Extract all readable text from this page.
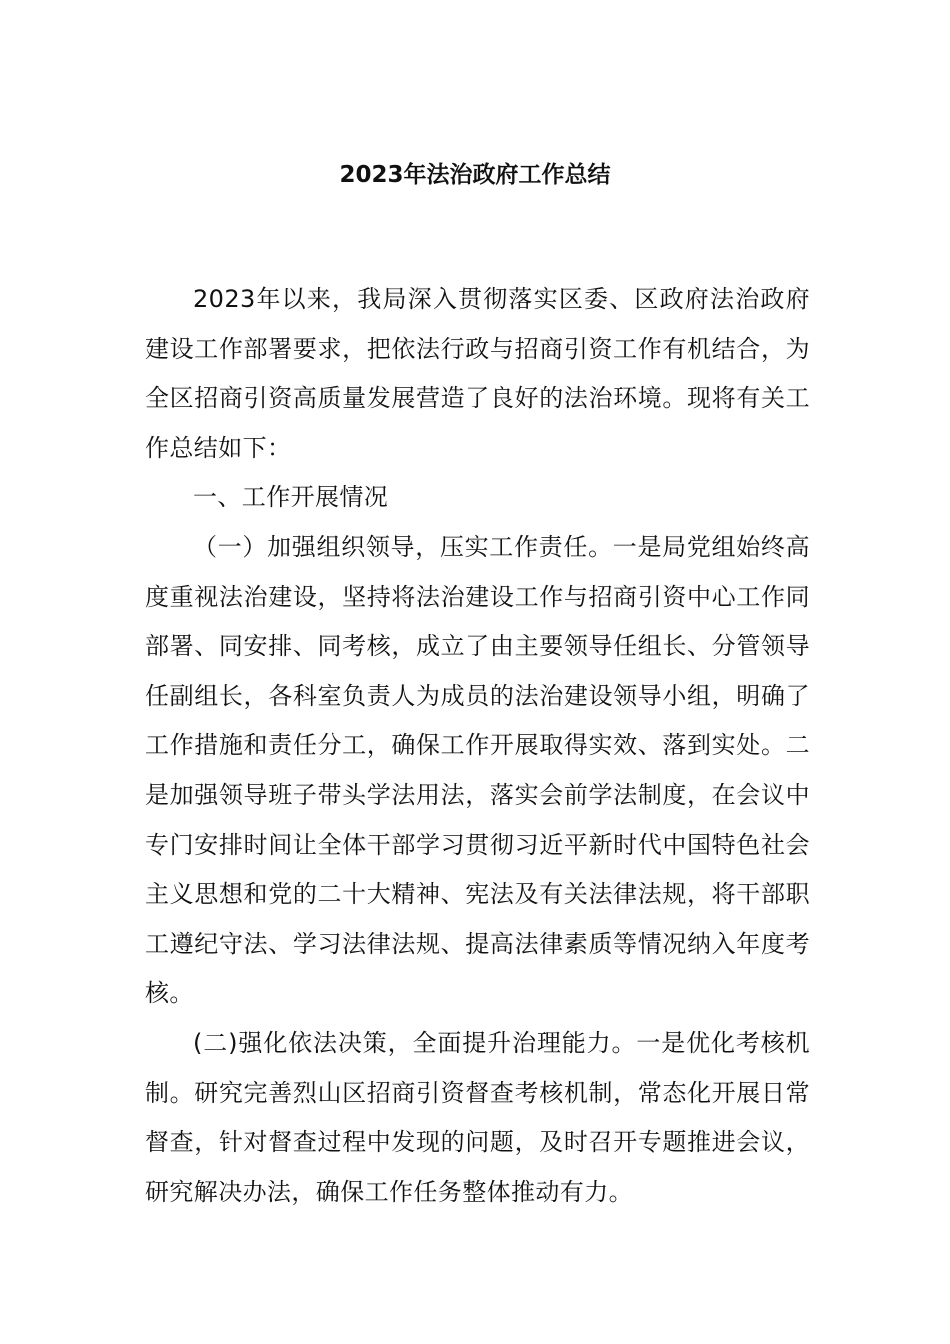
2023年法治政府工作总结

2023年以来，我局深入贯彻落实区委、区政府法治政府建设工作部署要求，把依法行政与招商引资工作有机结合，为全区招商引资高质量发展营造了良好的法治环境。现将有关工作总结如下：

一、工作开展情况

（一）加强组织领导，压实工作责任。一是局党组始终高度重视法治建设，坚持将法治建设工作与招商引资中心工作同部署、同安排、同考核，成立了由主要领导任组长、分管领导任副组长，各科室负责人为成员的法治建设领导小组，明确了工作措施和责任分工，确保工作开展取得实效、落到实处。二是加强领导班子带头学法用法，落实会前学法制度，在会议中专门安排时间让全体干部学习贯彻习近平新时代中国特色社会主义思想和党的二十大精神、宪法及有关法律法规，将干部职工遵纪守法、学习法律法规、提高法律素质等情况纳入年度考核。

(二)强化依法决策，全面提升治理能力。一是优化考核机制。研究完善烈山区招商引资督查考核机制，常态化开展日常督查，针对督查过程中发现的问题，及时召开专题推进会议，研究解决办法，确保工作任务整体推动有力。
